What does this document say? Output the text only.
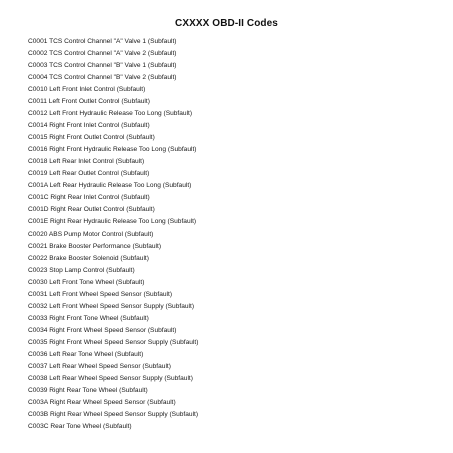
CXXXX OBD-II Codes
C0001 TCS Control Channel "A" Valve 1 (Subfault)
C0002 TCS Control Channel "A" Valve 2 (Subfault)
C0003 TCS Control Channel "B" Valve 1 (Subfault)
C0004 TCS Control Channel "B" Valve 2 (Subfault)
C0010 Left Front Inlet Control (Subfault)
C0011 Left Front Outlet Control (Subfault)
C0012 Left Front Hydraulic Release Too Long (Subfault)
C0014 Right Front Inlet Control (Subfault)
C0015 Right Front Outlet Control (Subfault)
C0016 Right Front Hydraulic Release Too Long (Subfault)
C0018 Left Rear Inlet Control (Subfault)
C0019 Left Rear Outlet Control (Subfault)
C001A Left Rear Hydraulic Release Too Long (Subfault)
C001C Right Rear Inlet Control (Subfault)
C001D Right Rear Outlet Control (Subfault)
C001E Right Rear Hydraulic Release Too Long (Subfault)
C0020 ABS Pump Motor Control (Subfault)
C0021 Brake Booster Performance (Subfault)
C0022 Brake Booster Solenoid (Subfault)
C0023 Stop Lamp Control (Subfault)
C0030 Left Front Tone Wheel (Subfault)
C0031 Left Front Wheel Speed Sensor (Subfault)
C0032 Left Front Wheel Speed Sensor Supply (Subfault)
C0033 Right Front Tone Wheel (Subfault)
C0034 Right Front Wheel Speed Sensor (Subfault)
C0035 Right Front Wheel Speed Sensor Supply (Subfault)
C0036 Left Rear Tone Wheel (Subfault)
C0037 Left Rear Wheel Speed Sensor (Subfault)
C0038 Left Rear Wheel Speed Sensor Supply (Subfault)
C0039 Right Rear Tone Wheel (Subfault)
C003A Right Rear Wheel Speed Sensor (Subfault)
C003B Right Rear Wheel Speed Sensor Supply (Subfault)
C003C Rear Tone Wheel (Subfault)
